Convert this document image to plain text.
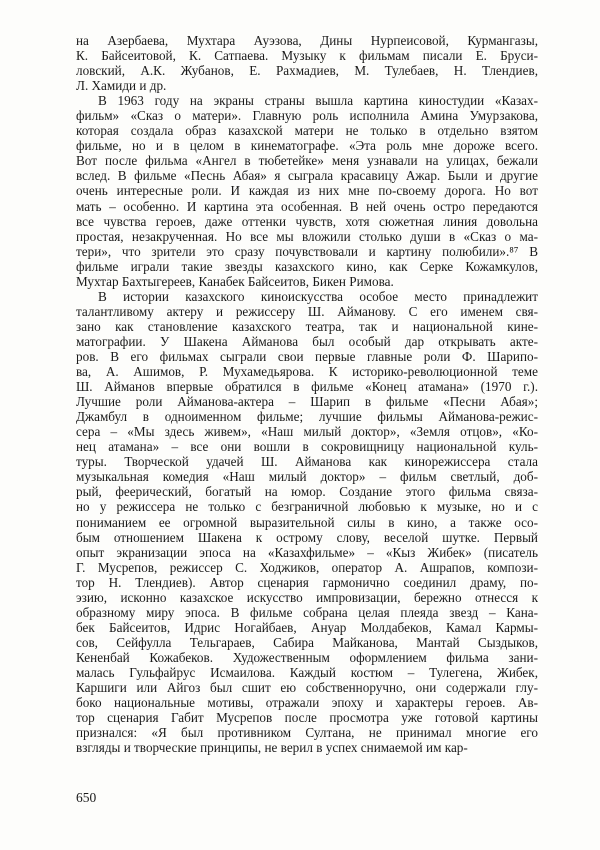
на Азербаева, Мухтара Ауэзова, Дины Нурпеисовой, Курмангазы,
К. Байсеитовой, К. Сатпаева. Музыку к фильмам писали Е. Бруси-
ловский, А.К. Жубанов, Е. Рахмадиев, М. Тулебаев, Н. Тлендиев,
Л. Хамиди и др.
В 1963 году на экраны страны вышла картина киностудии «Казах-
фильм» «Сказ о матери». Главную роль исполнила Амина Умурзакова,
которая создала образ казахской матери не только в отдельно взятом
фильме, но и в целом в кинематографе. «Эта роль мне дороже всего.
Вот после фильма «Ангел в тюбетейке» меня узнавали на улицах, бежали
вслед. В фильме «Песнь Абая» я сыграла красавицу Ажар. Были и другие
очень интересные роли. И каждая из них мне по-своему дорога. Но вот
мать – особенно. И картина эта особенная. В ней очень остро передаются
все чувства героев, даже оттенки чувств, хотя сюжетная линия довольна
простая, незакрученная. Но все мы вложили столько души в «Сказ о ма-
тери», что зрители это сразу почувствовали и картину полюбили».⁸⁷ В
фильме играли такие звезды казахского кино, как Серке Кожамкулов,
Мухтар Бахтыгереев, Канабек Байсеитов, Бикен Римова.
В истории казахского киноискусства особое место принадлежит
талантливому актеру и режиссеру Ш. Айманову. С его именем свя-
зано как становление казахского театра, так и национальной кине-
матографии. У Шакена Айманова был особый дар открывать акте-
ров. В его фильмах сыграли свои первые главные роли Ф. Шарипо-
ва, А. Ашимов, Р. Мухамедьярова. К историко-революционной теме
Ш. Айманов впервые обратился в фильме «Конец атамана» (1970 г.).
Лучшие роли Айманова-актера – Шарип в фильме «Песни Абая»;
Джамбул в одноименном фильме; лучшие фильмы Айманова-режис-
сера – «Мы здесь живем», «Наш милый доктор», «Земля отцов», «Ко-
нец атамана» – все они вошли в сокровищницу национальной куль-
туры. Творческой удачей Ш. Айманова как кинорежиссера стала
музыкальная комедия «Наш милый доктор» – фильм светлый, доб-
рый, феерический, богатый на юмор. Создание этого фильма связа-
но у режиссера не только с безграничной любовью к музыке, но и с
пониманием ее огромной выразительной силы в кино, а также осо-
бым отношением Шакена к острому слову, веселой шутке. Первый
опыт экранизации эпоса на «Казахфильме» – «Кыз Жибек» (писатель
Г. Мусрепов, режиссер С. Ходжиков, оператор А. Ашрапов, компози-
тор Н. Тлендиев). Автор сценария гармонично соединил драму, по-
эзию, исконно казахское искусство импровизации, бережно отнесся к
образному миру эпоса. В фильме собрана целая плеяда звезд – Кана-
бек Байсеитов, Идрис Ногайбаев, Ануар Молдабеков, Камал Кармы-
сов, Сейфулла Тельгараев, Сабира Майканова, Мантай Сыздыков,
Кененбай Кожабеков. Художественным оформлением фильма зани-
малась Гульфайрус Исмаилова. Каждый костюм – Тулегена, Жибек,
Каршиги или Айгоз был сшит ею собственноручно, они содержали глу-
боко национальные мотивы, отражали эпоху и характеры героев. Ав-
тор сценария Габит Мусрепов после просмотра уже готовой картины
признался: «Я был противником Султана, не принимал многие его
взгляды и творческие принципы, не верил в успех снимаемой им кар-
650
